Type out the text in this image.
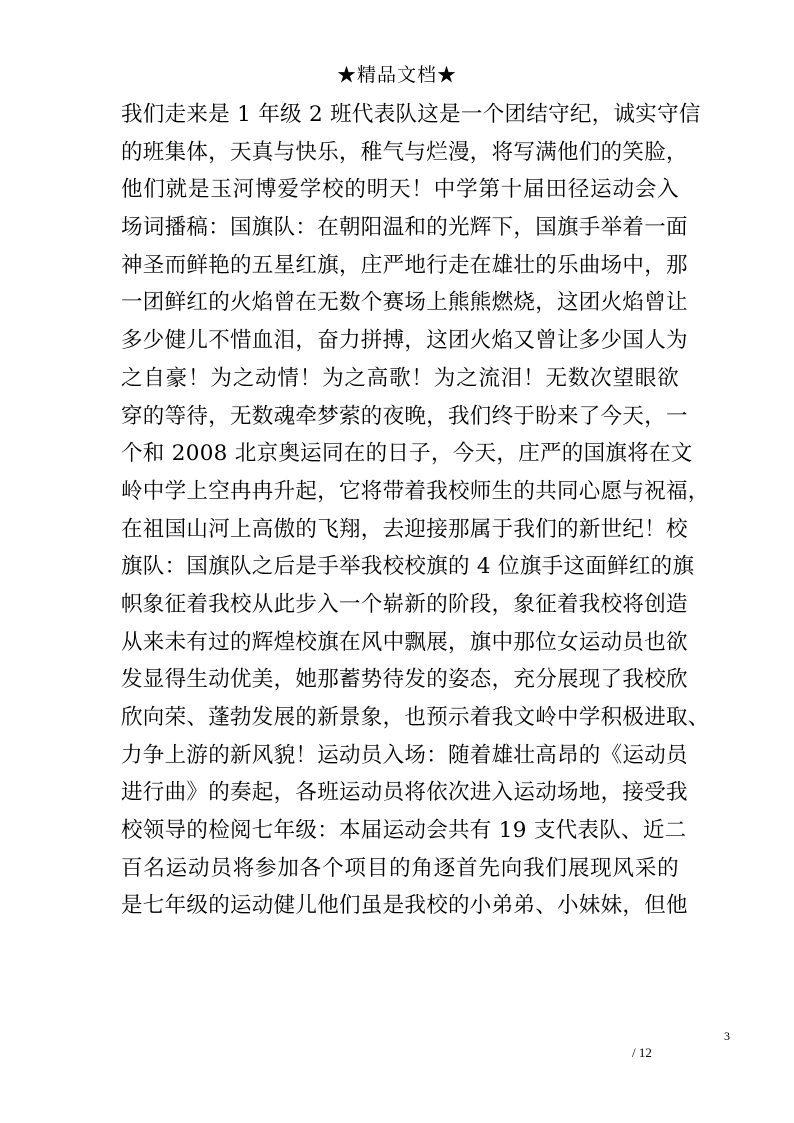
★精品文档★
我们走来是 1 年级 2 班代表队这是一个团结守纪，诚实守信
的班集体，天真与快乐，稚气与烂漫，将写满他们的笑脸，
他们就是玉河博爱学校的明天！中学第十届田径运动会入
场词播稿：国旗队：在朝阳温和的光辉下，国旗手举着一面
神圣而鲜艳的五星红旗，庄严地行走在雄壮的乐曲场中，那
一团鲜红的火焰曾在无数个赛场上熊熊燃烧，这团火焰曾让
多少健儿不惜血泪，奋力拼搏，这团火焰又曾让多少国人为
之自豪！为之动情！为之高歌！为之流泪！无数次望眼欲
穿的等待，无数魂牵梦萦的夜晚，我们终于盼来了今天，一
个和 2008 北京奥运同在的日子，今天，庄严的国旗将在文
岭中学上空冉冉升起，它将带着我校师生的共同心愿与祝福，
在祖国山河上高傲的飞翔，去迎接那属于我们的新世纪！校
旗队：国旗队之后是手举我校校旗的 4 位旗手这面鲜红的旗
帜象征着我校从此步入一个崭新的阶段，象征着我校将创造
从来未有过的辉煌校旗在风中飘展，旗中那位女运动员也欲
发显得生动优美，她那蓄势待发的姿态，充分展现了我校欣
欣向荣、蓬勃发展的新景象，也预示着我文岭中学积极进取、
力争上游的新风貌！运动员入场：随着雄壮高昂的《运动员
进行曲》的奏起，各班运动员将依次进入运动场地，接受我
校领导的检阅七年级：本届运动会共有 19 支代表队、近二
百名运动员将参加各个项目的角逐首先向我们展现风采的
是七年级的运动健儿他们虽是我校的小弟弟、小妹妹，但他
3
/ 12
